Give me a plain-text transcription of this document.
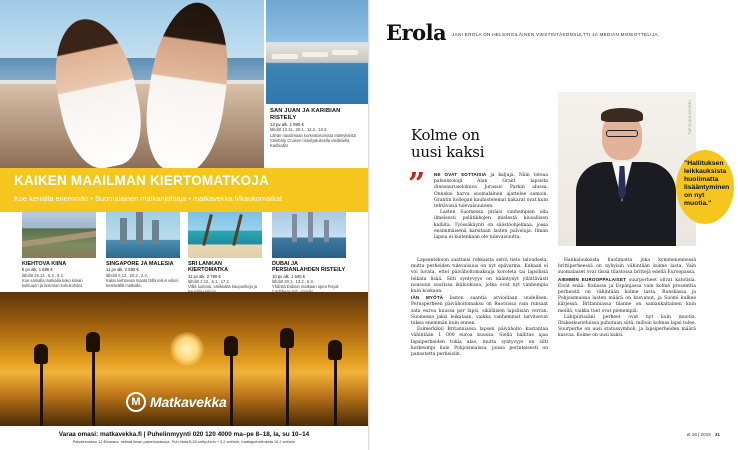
SAN JUAN JA KARIBIAN RISTEILY
13 pv alk. 1 995 €
lähdöt 13.11., 20.1., 12.2., 18.3.
Lähde nauttimaan korkeatasoisista elämyksistä Celebrity Cruisen risteilyaluksella eteläisellä Karibialla!
KAIKEN MAAILMAN KIERTOMATKOJA
Koe kerralla enemmän • Suomalainen matkanjohtaja • matkavekka.fi/kaukomatkat
KIEHTOVA KIINA
9 pv alk. 1 695 €
lähdöt 26.12., 5.3., 9.4.
Koe samalla matkalla koko kiinan kulttuurin ja historian kohokohdat.
SINGAPORE JA MALESIA
11 pv alk. 2 590 €
lähdöt 5.12., 20.2., 2.4.
Kaksi kiehtovaa maata tällä reilun viikon kestävällä matkalla.
SRI LANKAN KIERTOMATKA
11 pv alk. 2 780 €
lähdöt 2.12., 6.1., 17.2.
Villiä luontoa, värikkäitä kaupunkeja ja
DUBAI JA PERSIANLAHDEN RISTEILY
10 pv alk. 1 645 €
lähdöt 30.1., 13.2., 5.3.
Yhdistä Dubain matkaan upea Royal
M Matkavekka
Varaa omasi: matkavekka.fi | Puhelinmyynti 020 120 4000 ma–pe 8–18, la, su 10–14
Palvelumaksu 12 €/varaus, netistä ilman palvelumaksua. Puh.hinta 8,28 snt/puhelu + 3,2 snt/min, matkapuhelimesta 15,2 snt/min
Erola JANI EROLA ON HELSINGILÄINEN VIESTINTÄKONSULTTI JA MEDIAN MONIOTTELIJA.
Kolme on
uusi kaksi
” NE OVAT SOTTAISIA ja kaljuja. Näin toteaa paleontologi Alan Grant lapsista dinosauruselokuva Jurassic Parkin alussa. Onneksi harva suomalainen ajattelee samoin. Grantin kollegan kauhistelemat kakarat ovat kuin tehtävissä tulevaisuuteen.

Lasten Suomessa pitäisi vanhempien olla ilmeisesti poliitikkojen mielestä kiusallisen kalliita. Työssäkäynti on säästöohjelmaa, jossa ensimmäisenä karsitaan lasten palveluja. Ilman lapsia ei kuitenkaan ole tulevaisuutta.

Lapsentekoon saattaisi rohkaista selvä tieto taloudesta, mutta perheiden tulevaisuus on nyt epävarma. Kukaan ei voi luvata, ettei päivähoitomaksuja koroteta tai lapsilisiä leikata lisää. Silti syntyvyys on kääntynyt yllättävästi nousuun suurissa ikäluokissa, jotka ovat nyt vanhempia kuin koskaan.

IÄN MYÖTÄ lasten saantia arvioidaan uudelleen. Perusperheen päivähoitomaksu on Ruotsissa vain runsaat sata euroa kuussa per lapsi, sikäläisen lapsilisän verran. Suomessa jaksi leikataan, vaikka vanhemmat tarvitsevat tukea enemmän kuin ennen.

Esimerkiksi Britanniassa lapsen päivähoito kustantaa vähintään 1 000 euroa kuussa. Siellä hallitus ajaa lapsiperheiden tukia alas, mutta syntyvyys on silti korkeampi kuin Pohjoismaissa, joissa perinteisesti on panostettu perheisiin.

TAPIO AULAVUORI
"Hallituksen leikkauksista huolimatta lisääntyminen on nyt muotia."

Hankaluuksista huolimatta joka kymmenennessä brittiperheessä on nykyisin vähintään kolme lasta. Vain suomalaiset ovat tässä tilastossa brittejä edellä Euroopassa.

AIEMMIN EUROOPPALAISET suurperheet olivat katolisia. Eivät enää. Italiassa ja Espanjassa vain kolme prosenttia perheistä on vähintään kolme lasta. Ranskassa ja Pohjoismaissa lasten määrä on kasvanut, ja Suomi kulkee kärjessä. Britanniassa tilanne on samankaltainen kuin meillä, vaikka tuet ovat pienempiä.

Lähipiirissäni perheet ovat nyt kuin muotia. Iltakeskusteluissa puhutaan siitä, milloin kolmas lapsi tulee. Suurperhe on uusi statussymboli, ja lapsiperheiden määrä kasvaa. Kolme on uusi kaksi.

et 16 | 2015 31
